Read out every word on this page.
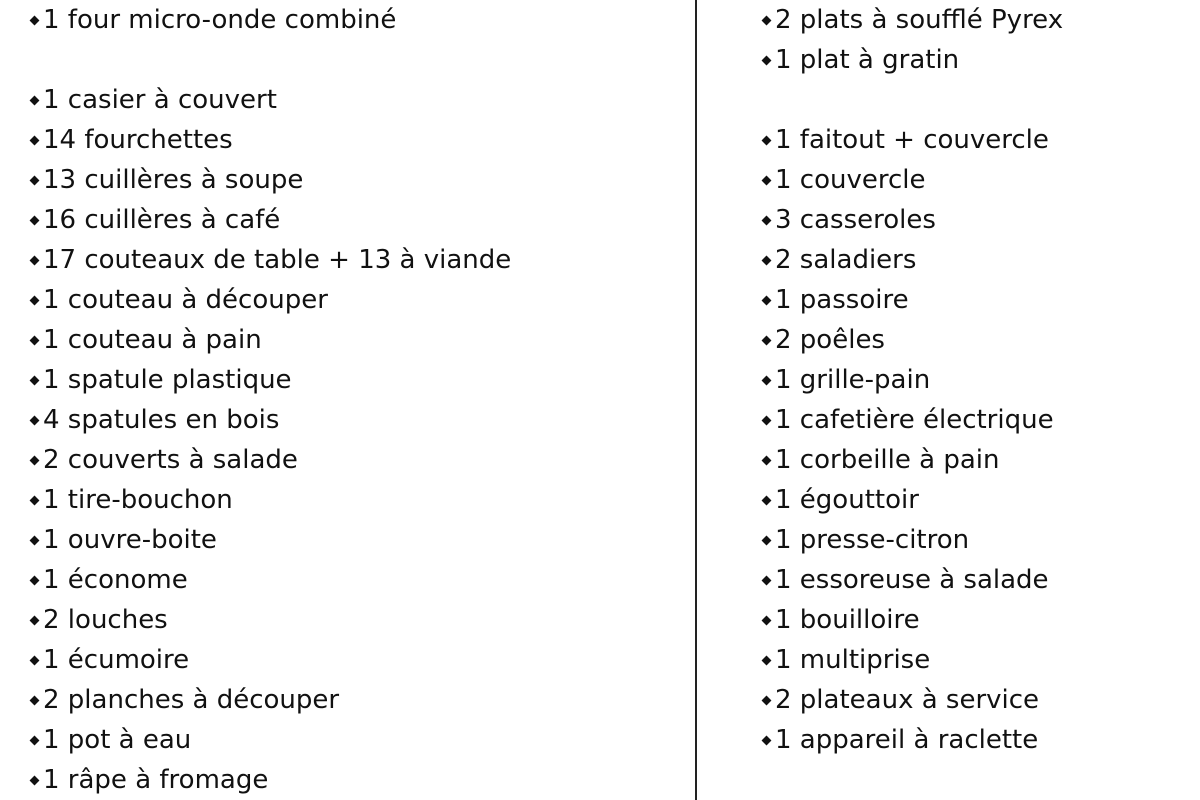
1 four micro-onde combiné
1 casier à couvert
14 fourchettes
13 cuillères à soupe
16 cuillères à café
17 couteaux de table + 13 à viande
1 couteau à découper
1 couteau à pain
1 spatule plastique
4 spatules en bois
2 couverts à salade
1 tire-bouchon
1 ouvre-boite
1 économe
2 louches
1 écumoire
2 planches à découper
1 pot à eau
1 râpe à fromage
2 plats à soufflé Pyrex
1 plat à gratin
1 faitout + couvercle
1 couvercle
3 casseroles
2 saladiers
1 passoire
2 poêles
1 grille-pain
1 cafetière électrique
1 corbeille à pain
1 égouttoir
1 presse-citron
1 essoreuse à salade
1 bouilloire
1 multiprise
2 plateaux à service
1 appareil à raclette
